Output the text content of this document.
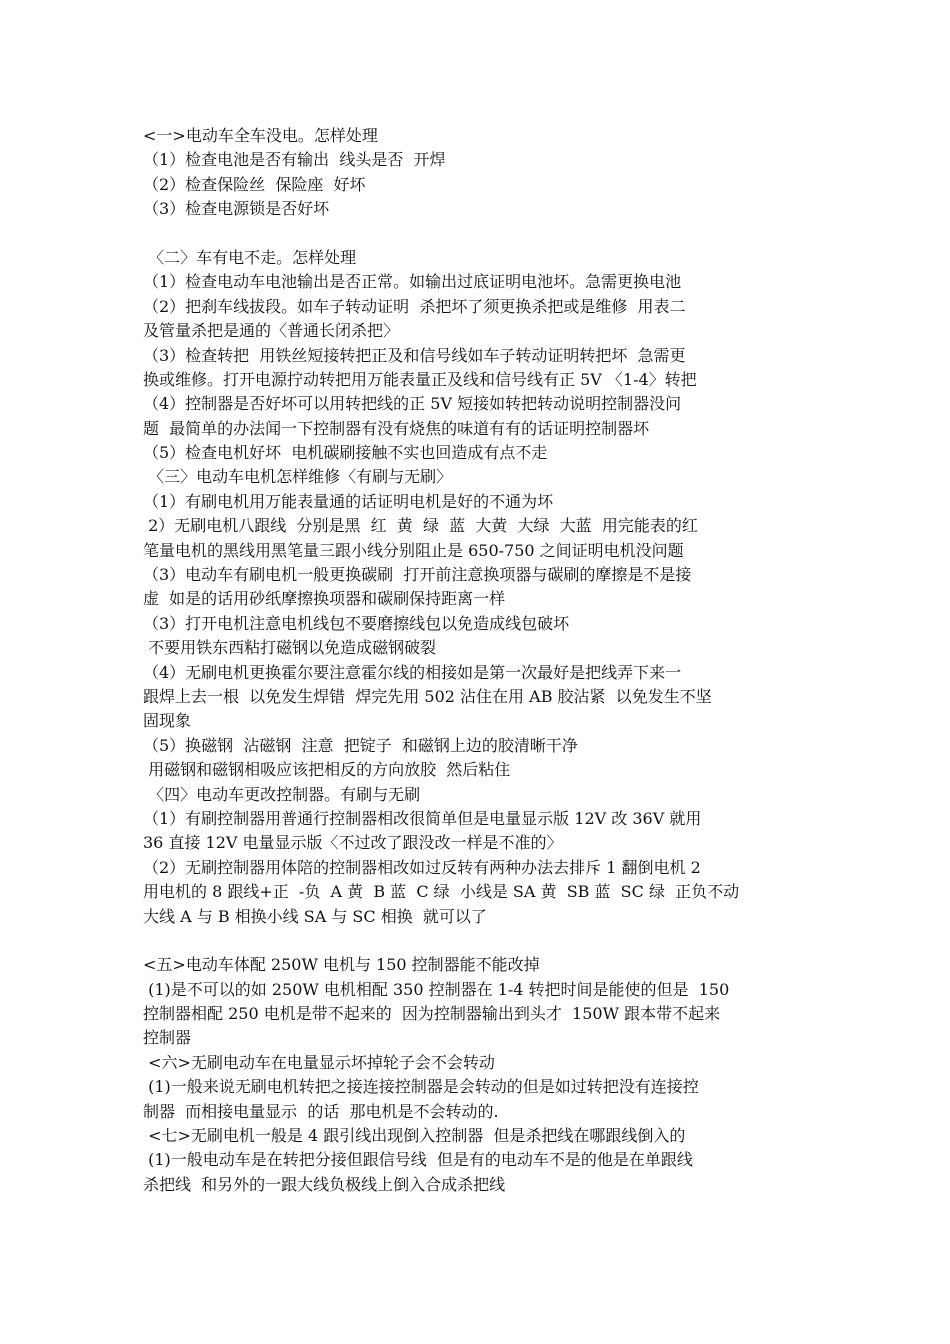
<一>电动车全车没电。怎样处理
（1）检查电池是否有输出  线头是否  开焊
（2）检查保险丝  保险座  好坏
（3）检查电源锁是否好坏
〈二〉车有电不走。怎样处理
（1）检查电动车电池输出是否正常。如输出过底证明电池坏。急需更换电池
（2）把刹车线拔段。如车子转动证明  杀把坏了须更换杀把或是维修  用表二
及管量杀把是通的〈普通长闭杀把〉
（3）检查转把  用铁丝短接转把正及和信号线如车子转动证明转把坏  急需更
换或维修。打开电源拧动转把用万能表量正及线和信号线有正 5V 〈1-4〉转把
（4）控制器是否好坏可以用转把线的正 5V 短接如转把转动说明控制器没问
题  最简单的办法闻一下控制器有没有烧焦的味道有有的话证明控制器坏
（5）检查电机好坏  电机碳刷接触不实也回造成有点不走
〈三〉电动车电机怎样维修〈有刷与无刷〉
（1）有刷电机用万能表量通的话证明电机是好的不通为坏
2）无刷电机八跟线  分别是黑  红  黄  绿  蓝  大黄  大绿  大蓝  用完能表的红
笔量电机的黑线用黑笔量三跟小线分别阻止是 650-750 之间证明电机没问题
（3）电动车有刷电机一般更换碳刷  打开前注意换项器与碳刷的摩擦是不是接
虚  如是的话用砂纸摩擦换项器和碳刷保持距离一样
（3）打开电机注意电机线包不要磨擦线包以免造成线包破坏
不要用铁东西粘打磁钢以免造成磁钢破裂
（4）无刷电机更换霍尔要注意霍尔线的相接如是第一次最好是把线弄下来一
跟焊上去一根  以免发生焊错  焊完先用 502 沾住在用 AB 胶沾紧  以免发生不坚
固现象
（5）换磁钢  沾磁钢  注意  把锭子  和磁钢上边的胶清晰干净
用磁钢和磁钢相吸应该把相反的方向放胶  然后粘住
〈四〉电动车更改控制器。有刷与无刷
（1）有刷控制器用普通行控制器相改很简单但是电量显示版 12V 改 36V 就用
36 直接 12V 电量显示版〈不过改了跟没改一样是不准的〉
（2）无刷控制器用体陪的控制器相改如过反转有两种办法去排斥 1 翻倒电机 2
用电机的 8 跟线+正  -负  A 黄  B 蓝  C 绿  小线是 SA 黄  SB 蓝  SC 绿  正负不动
大线 A 与 B 相换小线 SA 与 SC 相换  就可以了
<五>电动车体配 250W 电机与 150 控制器能不能改掉
(1)是不可以的如 250W 电机相配 350 控制器在 1-4 转把时间是能使的但是  150
控制器相配 250 电机是带不起来的  因为控制器输出到头才  150W 跟本带不起来
控制器
<六>无刷电动车在电量显示坏掉轮子会不会转动
(1)一般来说无刷电机转把之接连接控制器是会转动的但是如过转把没有连接控
制器  而相接电量显示  的话  那电机是不会转动的.
<七>无刷电机一般是 4 跟引线出现倒入控制器  但是杀把线在哪跟线倒入的
(1)一般电动车是在转把分接但跟信号线  但是有的电动车不是的他是在单跟线
杀把线  和另外的一跟大线负极线上倒入合成杀把线
